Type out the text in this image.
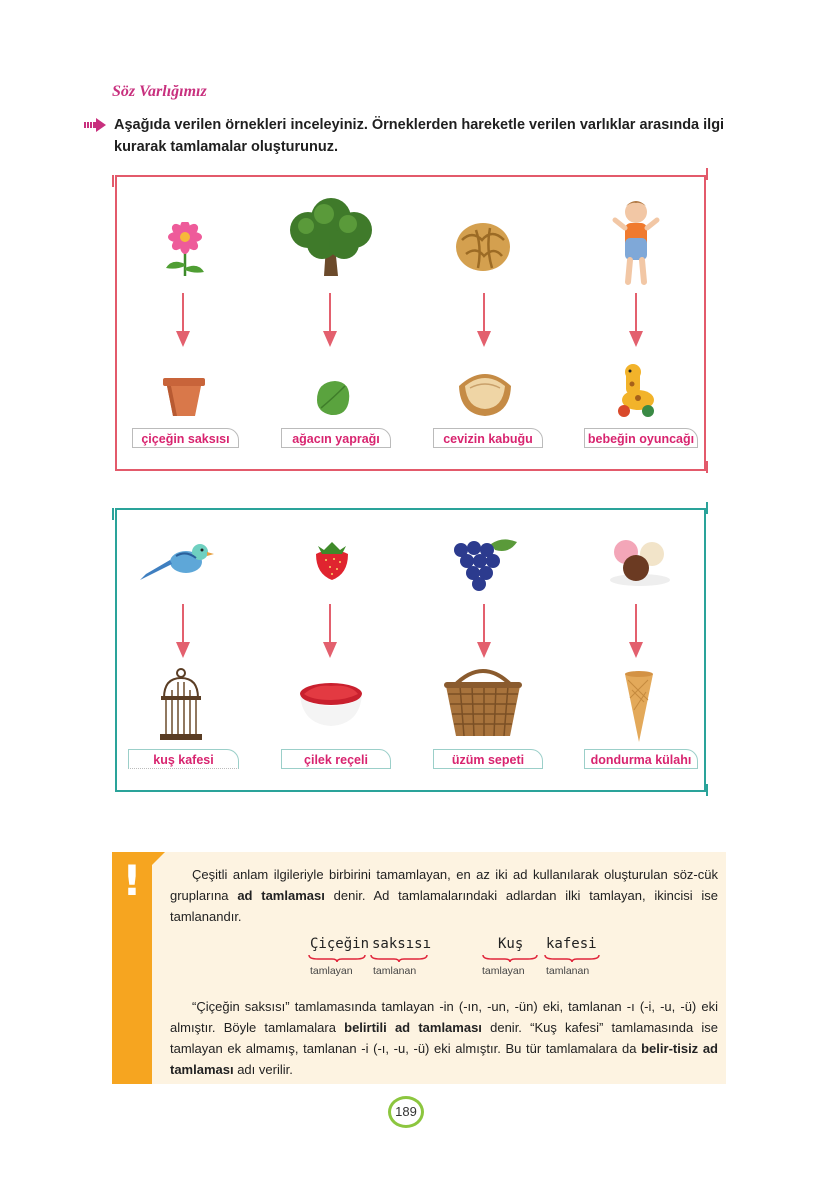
Söz Varlığımız
Aşağıda verilen örnekleri inceleyiniz. Örneklerden hareketle verilen varlıklar arasında ilgi kurarak tamlamalar oluşturunuz.
çiçeğin saksısı	ağacın yaprağı	cevizin kabuğu	bebeğin oyuncağı
kuş kafesi	çilek reçeli	üzüm sepeti	dondurma külahı
!	Çeşitli anlam ilgileriyle birbirini tamamlayan, en az iki ad kullanılarak oluşturulan söz-cük gruplarına ad tamlaması denir. Ad tamlamalarındaki adlardan ilki tamlayan, ikincisi ise tamlanandır.
Çiçeğin saksısı	Kuş kafesi
tamlayan tamlanan	tamlayan tamlanan
“Çiçeğin saksısı” tamlamasında tamlayan -in (-ın, -un, -ün) eki, tamlanan -ı (-i, -u, -ü) eki almıştır. Böyle tamlamalara belirtili ad tamlaması denir. “Kuş kafesi” tamlamasında ise tamlayan ek almamış, tamlanan -i (-ı, -u, -ü) eki almıştır. Bu tür tamlamalara da belir-tisiz ad tamlaması adı verilir.
189
